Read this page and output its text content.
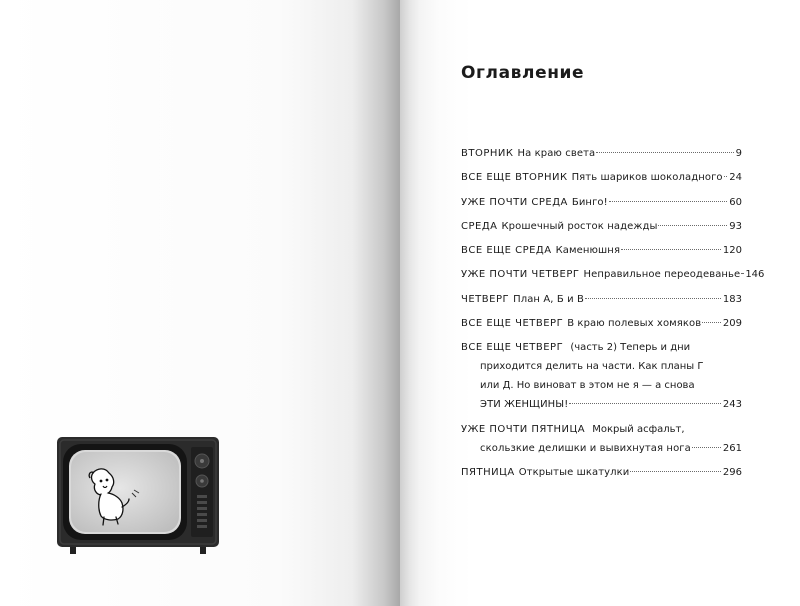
Оглавление
ВТОРНИК На краю света	9
ВСЕ ЕЩЕ ВТОРНИК Пять шариков шоколадного 24
УЖЕ ПОЧТИ СРЕДА Бинго!	60
СРЕДА Крошечный росток надежды	93
ВСЕ ЕЩЕ СРЕДА Каменюшня	120
УЖЕ ПОЧТИ ЧЕТВЕРГ Неправильное переодеванье 146
ЧЕТВЕРГ План А, Б и В	183
ВСЕ ЕЩЕ ЧЕТВЕРГ В краю полевых хомяков 209
ВСЕ ЕЩЕ ЧЕТВЕРГ (часть 2) Теперь и дни
приходится делить на части. Как планы Г
или Д. Но виноват в этом не я — а снова
ЭТИ ЖЕНЩИНЫ!	243
УЖЕ ПОЧТИ ПЯТНИЦА Мокрый асфальт,
скользкие делишки и вывихнутая нога	261
ПЯТНИЦА Открытые шкатулки	296
